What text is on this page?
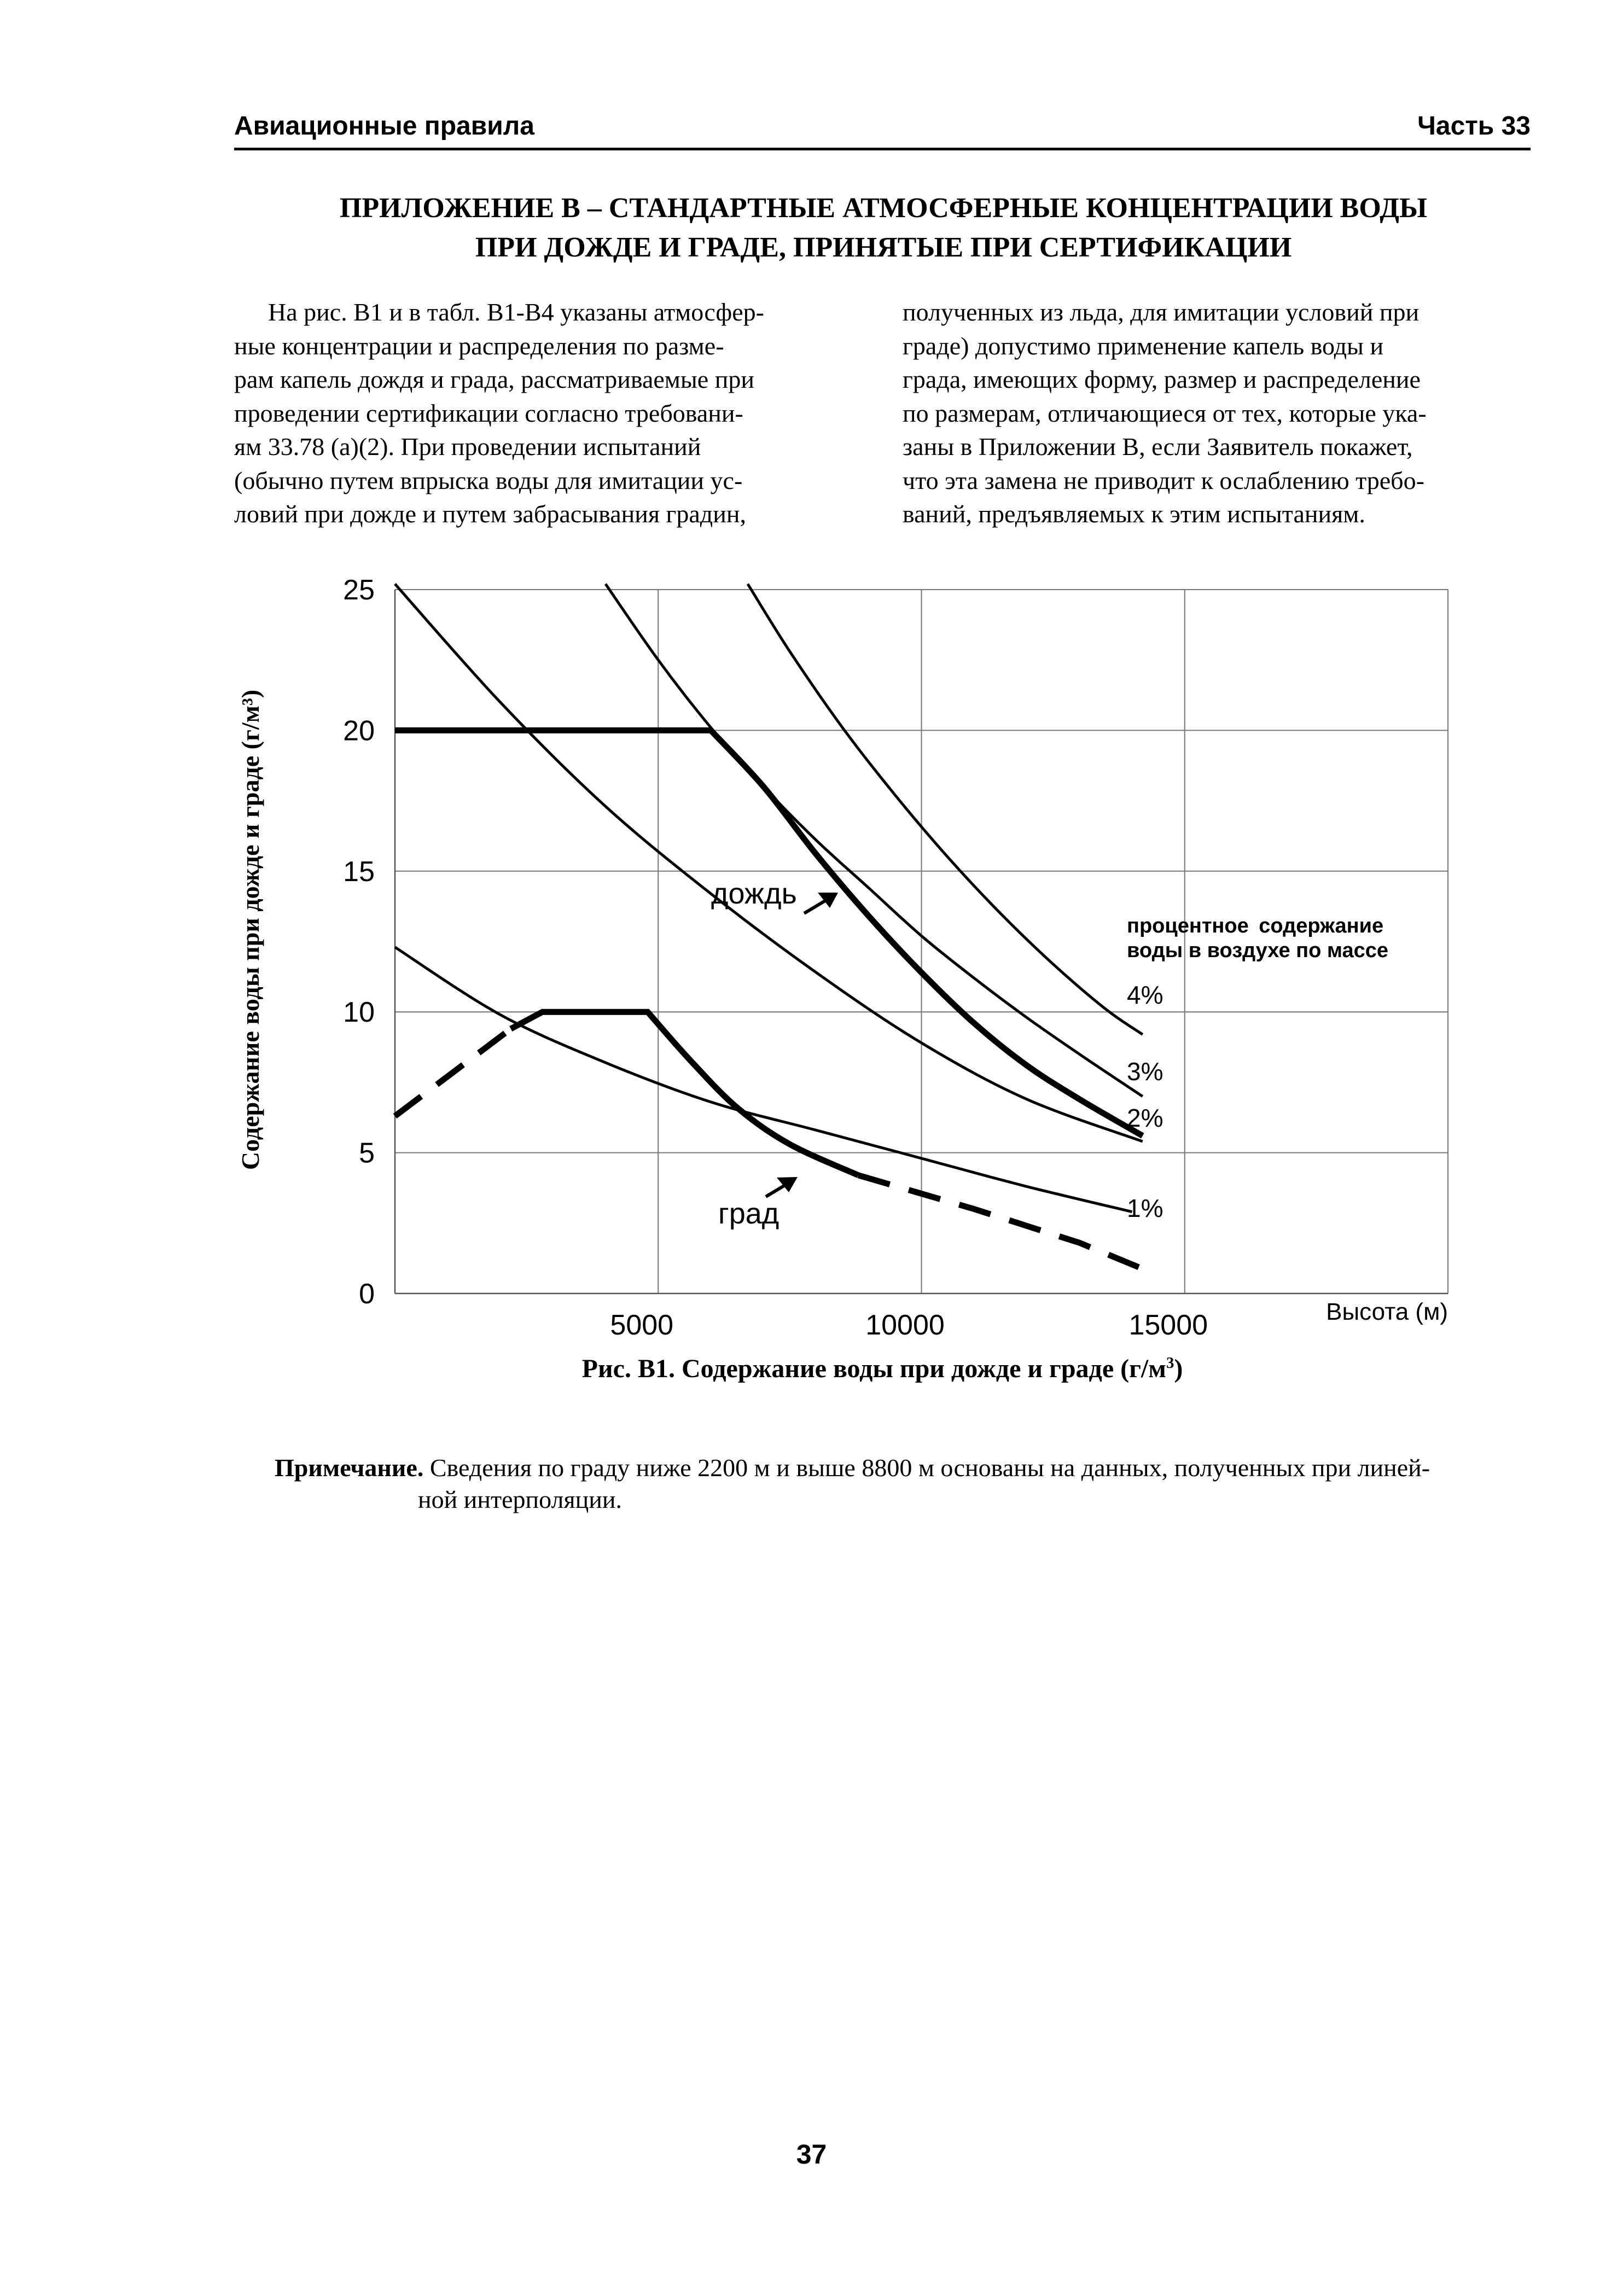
Авиационные правила	Часть 33
ПРИЛОЖЕНИЕ В – СТАНДАРТНЫЕ АТМОСФЕРНЫЕ КОНЦЕНТРАЦИИ ВОДЫ
ПРИ ДОЖДЕ И ГРАДЕ, ПРИНЯТЫЕ ПРИ СЕРТИФИКАЦИИ
На рис. В1 и в табл. В1-В4 указаны атмосфер-
ные концентрации и распределения по разме-
рам капель дождя и града, рассматриваемые при
проведении сертификации согласно требовани-
ям 33.78 (a)(2). При проведении испытаний
(обычно путем впрыска воды для имитации ус-
ловий при дожде и путем забрасывания градин,
полученных из льда, для имитации условий при
граде) допустимо применение капель воды и
града, имеющих форму, размер и распределение
по размерам, отличающиеся от тех, которые ука-
заны в Приложении В, если Заявитель покажет,
что эта замена не приводит к ослаблению требо-
ваний, предъявляемых к этим испытаниям.
0
5
10
15
20
25
5000	10000	15000	Высота (м)
Содержание воды при дожде и граде (г/м³)
1%
2%
3%
4%
дождь
град
процентное содержание
воды в воздухе по массе
Рис. В1. Содержание воды при дожде и граде $(г/м^3)$
Примечание. Сведения по граду ниже 2200 м и выше 8800 м основаны на данных, полученных при линей-
ной интерполяции.
37
